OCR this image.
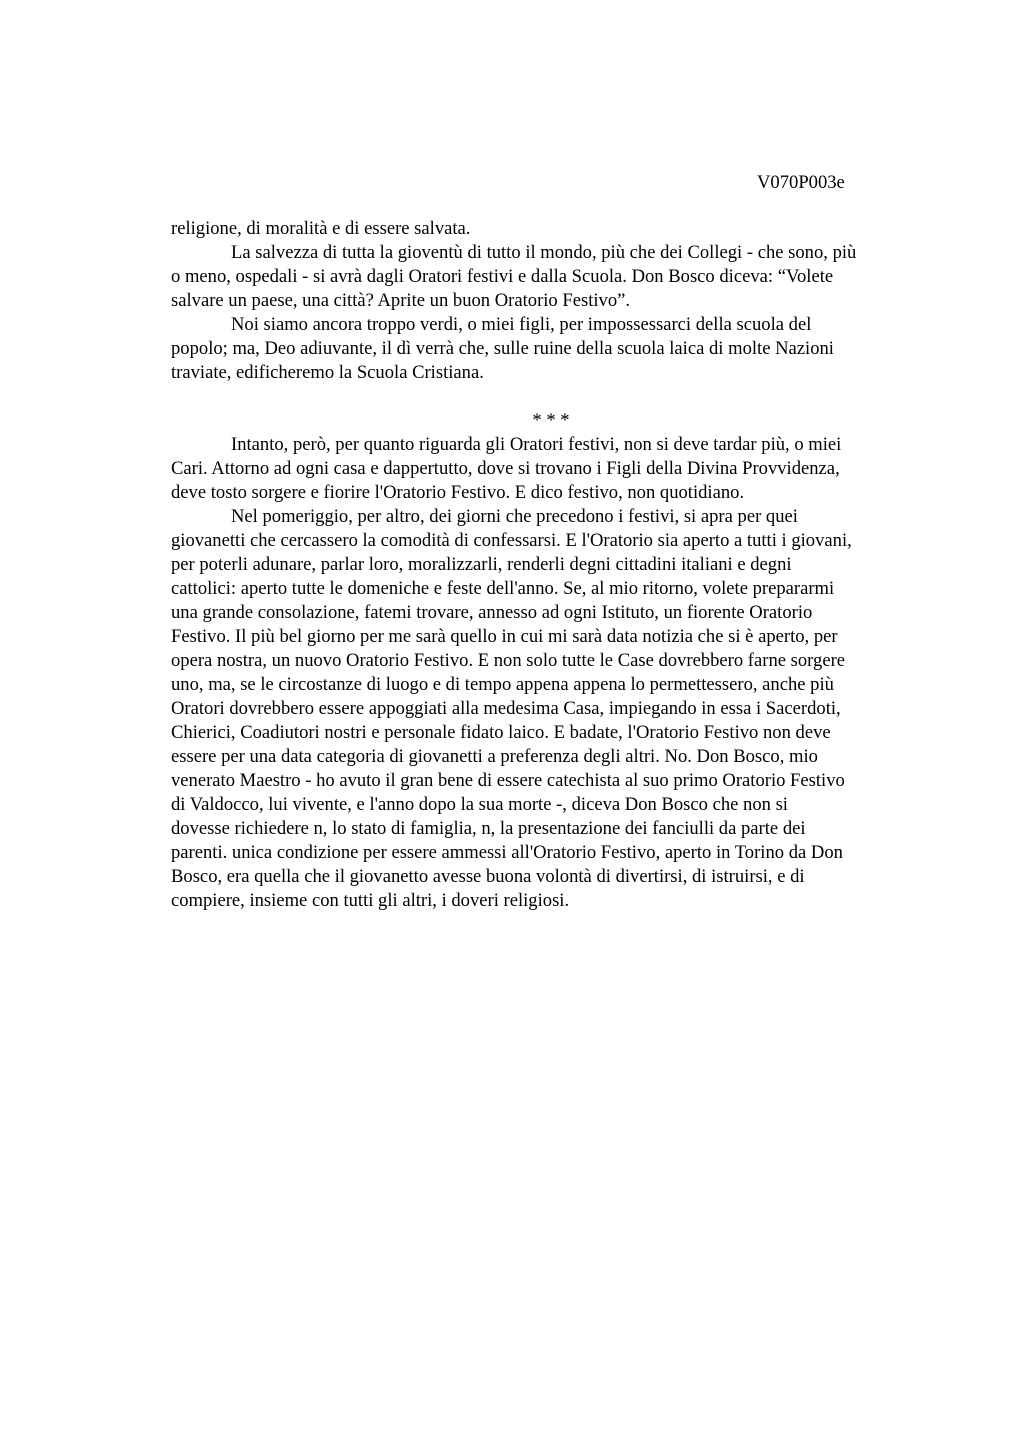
V070P003e
religione, di moralità e di essere salvata.
La salvezza di tutta la gioventù di tutto il mondo, più che dei Collegi - che sono, più
o meno, ospedali - si avrà dagli Oratori festivi e dalla Scuola. Don Bosco diceva: “Volete
salvare un paese, una città? Aprite un buon Oratorio Festivo”.
Noi siamo ancora troppo verdi, o miei figli, per impossessarci della scuola del
popolo; ma, Deo adiuvante, il dì verrà che, sulle ruine della scuola laica di molte Nazioni
traviate, edificheremo la Scuola Cristiana.
* * *
Intanto, però, per quanto riguarda gli Oratori festivi, non si deve tardar più, o miei
Cari. Attorno ad ogni casa e dappertutto, dove si trovano i Figli della Divina Provvidenza,
deve tosto sorgere e fiorire l'Oratorio Festivo. E dico festivo, non quotidiano.
Nel pomeriggio, per altro, dei giorni che precedono i festivi, si apra per quei
giovanetti che cercassero la comodità di confessarsi. E l'Oratorio sia aperto a tutti i giovani,
per poterli adunare, parlar loro, moralizzarli, renderli degni cittadini italiani e degni
cattolici: aperto tutte le domeniche e feste dell'anno. Se, al mio ritorno, volete prepararmi
una grande consolazione, fatemi trovare, annesso ad ogni Istituto, un fiorente Oratorio
Festivo. Il più bel giorno per me sarà quello in cui mi sarà data notizia che si è aperto, per
opera nostra, un nuovo Oratorio Festivo. E non solo tutte le Case dovrebbero farne sorgere
uno, ma, se le circostanze di luogo e di tempo appena appena lo permettessero, anche più
Oratori dovrebbero essere appoggiati alla medesima Casa, impiegando in essa i Sacerdoti,
Chierici, Coadiutori nostri e personale fidato laico. E badate, l'Oratorio Festivo non deve
essere per una data categoria di giovanetti a preferenza degli altri. No. Don Bosco, mio
venerato Maestro - ho avuto il gran bene di essere catechista al suo primo Oratorio Festivo
di Valdocco, lui vivente, e l'anno dopo la sua morte -, diceva Don Bosco che non si
dovesse richiedere n, lo stato di famiglia, n, la presentazione dei fanciulli da parte dei
parenti. unica condizione per essere ammessi all'Oratorio Festivo, aperto in Torino da Don
Bosco, era quella che il giovanetto avesse buona volontà di divertirsi, di istruirsi, e di
compiere, insieme con tutti gli altri, i doveri religiosi.
